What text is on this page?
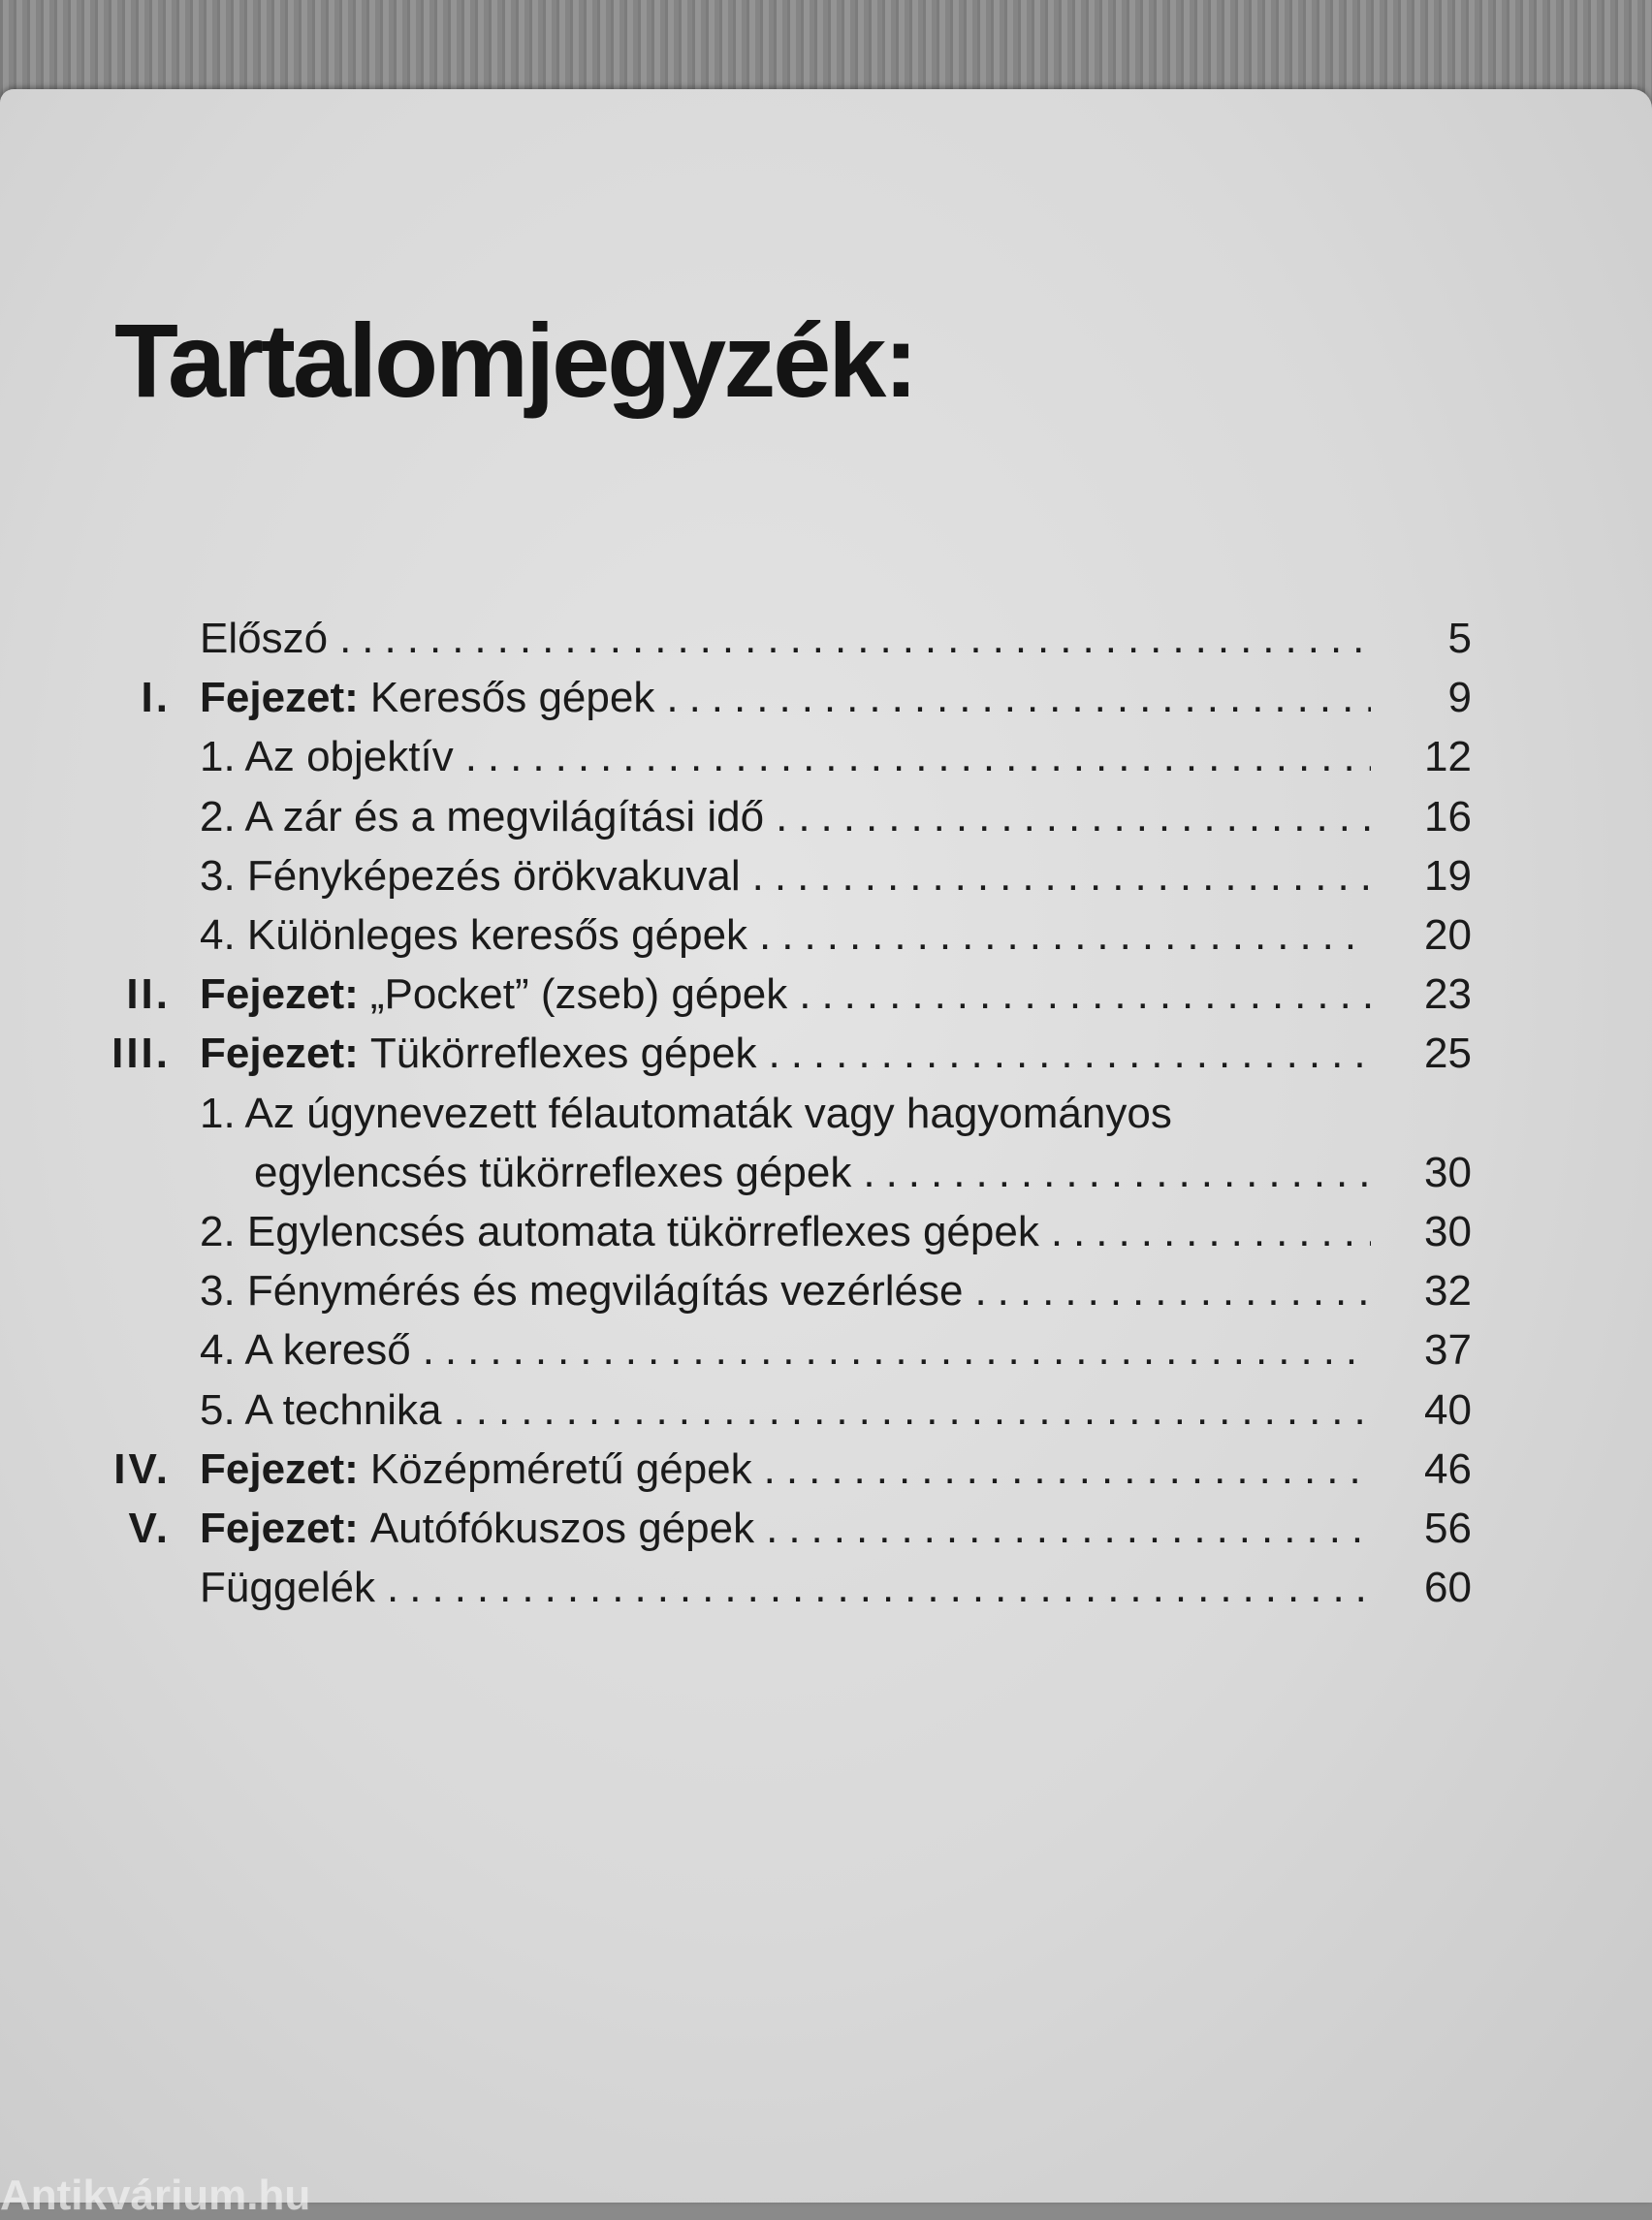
Tartalomjegyzék:
Előszó .....	5
I. Fejezet: Keresős gépek .....	9
1. Az objektív .....	12
2. A zár és a megvilágítási idő .....	16
3. Fényképezés örökvakuval .....	19
4. Különleges keresős gépek .....	20
II. Fejezet: „Pocket” (zseb) gépek .....	23
III. Fejezet: Tükörreflexes gépek .....	25
1. Az úgynevezett félautomaták vagy hagyományos
egylencsés tükörreflexes gépek .....	30
2. Egylencsés automata tükörreflexes gépek .....	30
3. Fénymérés és megvilágítás vezérlése .....	32
4. A kereső .....	37
5. A technika .....	40
IV. Fejezet: Középméretű gépek .....	46
V. Fejezet: Autófókuszos gépek .....	56
Függelék .....	60
Antikvárium.hu
